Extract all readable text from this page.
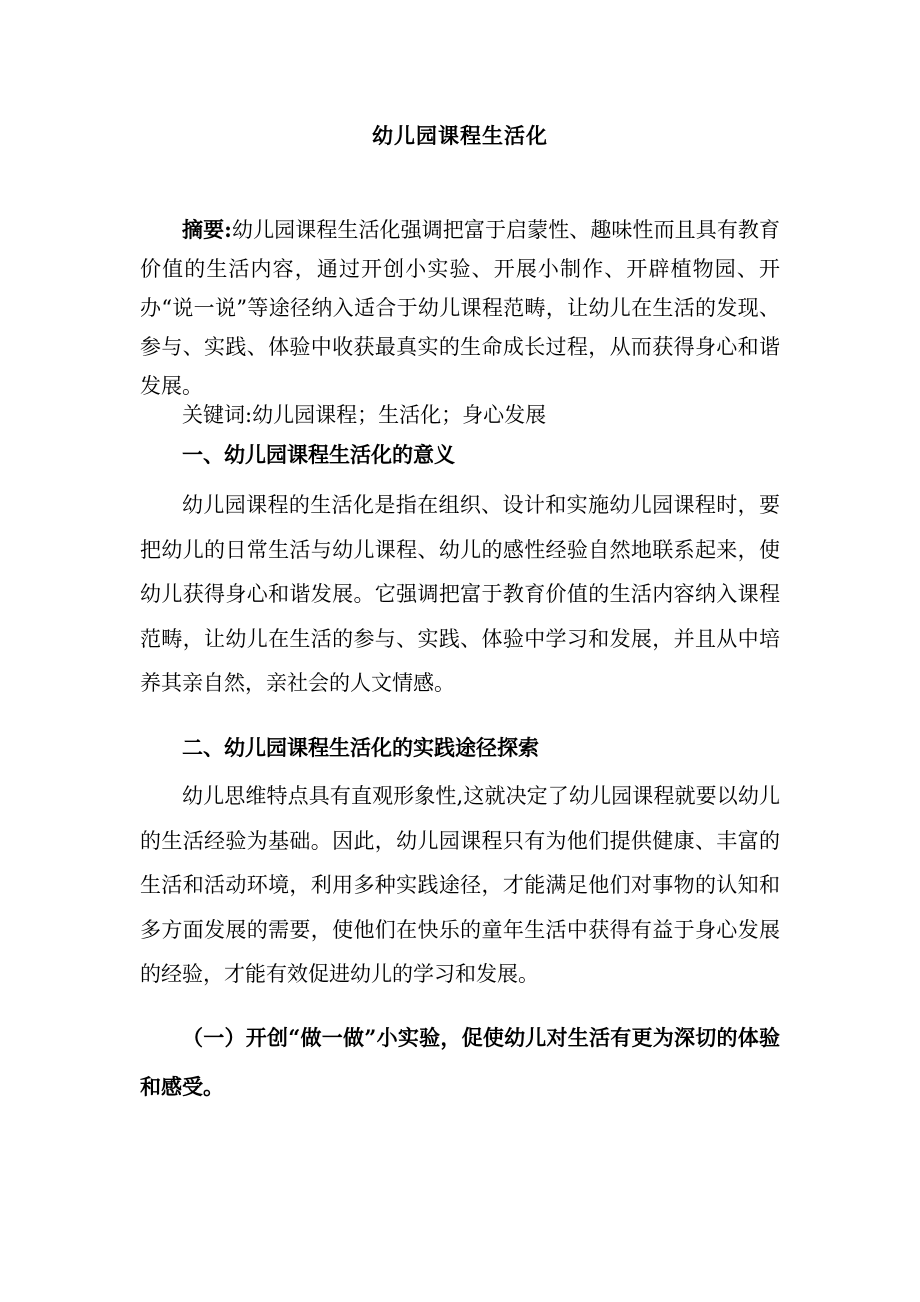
幼儿园课程生活化
摘要:幼儿园课程生活化强调把富于启蒙性、趣味性而且具有教育价值的生活内容，通过开创小实验、开展小制作、开辟植物园、开办“说一说”等途径纳入适合于幼儿课程范畴，让幼儿在生活的发现、参与、实践、体验中收获最真实的生命成长过程，从而获得身心和谐发展。
关键词:幼儿园课程；生活化；身心发展
一、幼儿园课程生活化的意义
幼儿园课程的生活化是指在组织、设计和实施幼儿园课程时，要把幼儿的日常生活与幼儿课程、幼儿的感性经验自然地联系起来，使幼儿获得身心和谐发展。它强调把富于教育价值的生活内容纳入课程范畴，让幼儿在生活的参与、实践、体验中学习和发展，并且从中培养其亲自然，亲社会的人文情感。
二、幼儿园课程生活化的实践途径探索
幼儿思维特点具有直观形象性,这就决定了幼儿园课程就要以幼儿的生活经验为基础。因此，幼儿园课程只有为他们提供健康、丰富的生活和活动环境，利用多种实践途径，才能满足他们对事物的认知和多方面发展的需要，使他们在快乐的童年生活中获得有益于身心发展的经验，才能有效促进幼儿的学习和发展。
（一）开创“做一做”小实验，促使幼儿对生活有更为深切的体验和感受。
